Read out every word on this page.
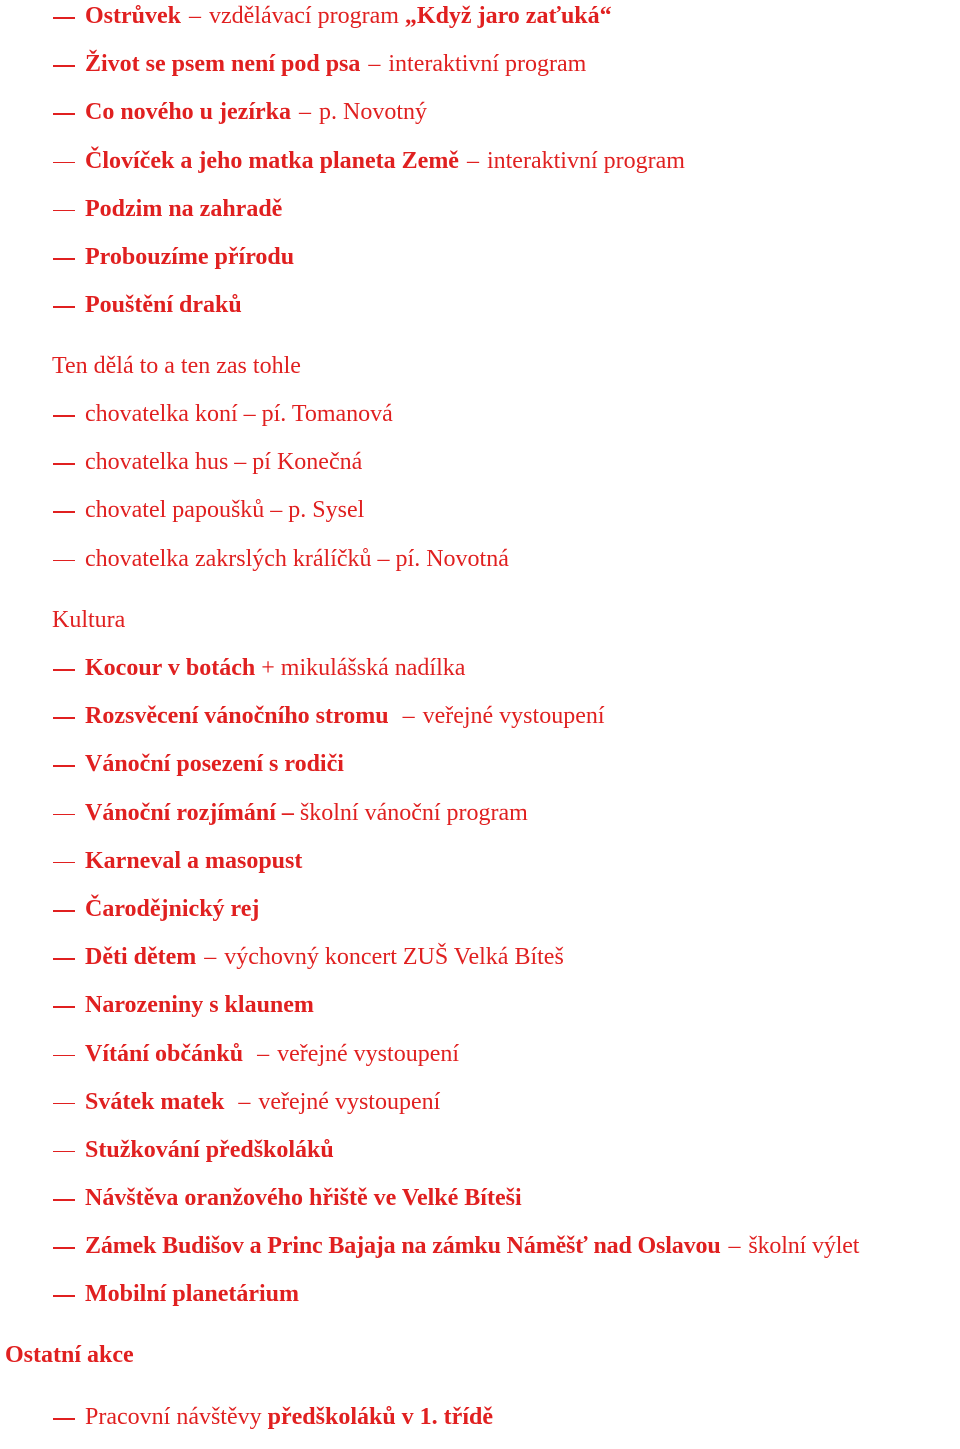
Ostrůvek – vzdělávací program „Když jaro zaťuká“
Život se psem není pod psa – interaktivní program
Co nového u jezírka – p. Novotný
Človíček a jeho matka planeta Země – interaktivní program
Podzim na zahradě
Probouzíme přírodu
Pouštění draků
Ten dělá to a ten zas tohle
chovatelka koní – pí. Tomanová
chovatelka hus – pí Konečná
chovatel papoušků – p. Sysel
chovatelka zakrslých králíčků – pí. Novotná
Kultura
Kocour v botách + mikulášská nadílka
Rozsvěcení vánočního stromu – veřejné vystoupení
Vánoční posezení s rodiči
Vánoční rozjímání – školní vánoční program
Karneval a masopust
Čarodějnický rej
Děti dětem – výchovný koncert ZUŠ Velká Bíteš
Narozeniny s klaunem
Vítání občánků – veřejné vystoupení
Svátek matek – veřejné vystoupení
Stužkování předškoláků
Návštěva oranžového hřiště ve Velké Bíteši
Zámek Budišov a Princ Bajaja na zámku Náměšť nad Oslavou – školní výlet
Mobilní planetárium
Ostatní akce
Pracovní návštěvy předškoláků v 1. třídě
